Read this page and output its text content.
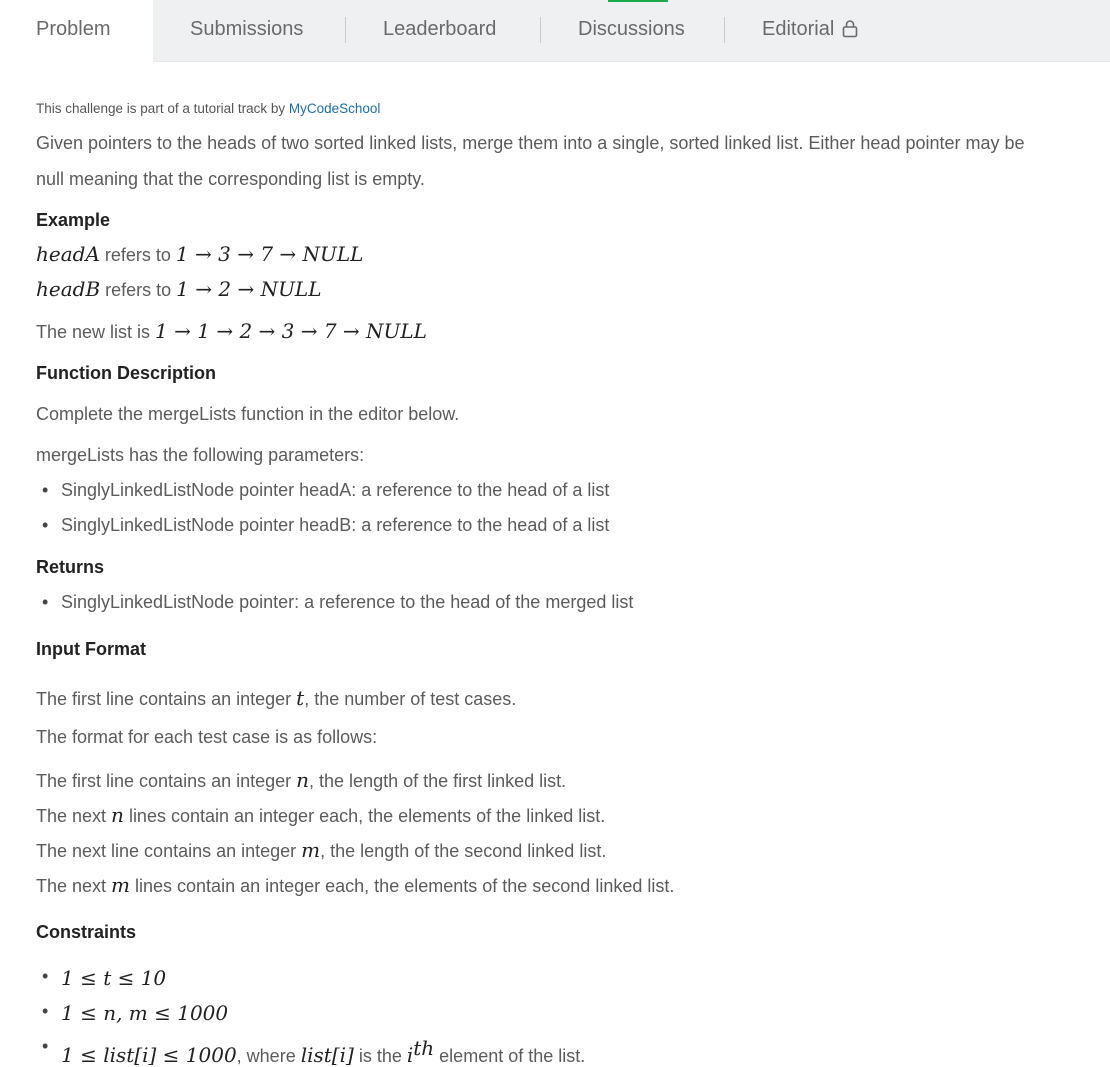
Problem	Submissions	Leaderboard	Discussions	Editorial
This challenge is part of a tutorial track by MyCodeSchool
Given pointers to the heads of two sorted linked lists, merge them into a single, sorted linked list. Either head pointer may be
null meaning that the corresponding list is empty.
Example
headA refers to 1 → 3 → 7 → NULL
headB refers to 1 → 2 → NULL
The new list is 1 → 1 → 2 → 3 → 7 → NULL
Function Description
Complete the mergeLists function in the editor below.
mergeLists has the following parameters:
• SinglyLinkedListNode pointer headA: a reference to the head of a list
• SinglyLinkedListNode pointer headB: a reference to the head of a list
Returns
• SinglyLinkedListNode pointer: a reference to the head of the merged list
Input Format
The first line contains an integer t, the number of test cases.
The format for each test case is as follows:
The first line contains an integer n, the length of the first linked list.
The next n lines contain an integer each, the elements of the linked list.
The next line contains an integer m, the length of the second linked list.
The next m lines contain an integer each, the elements of the second linked list.
Constraints
• 1 ≤ t ≤ 10
• 1 ≤ n, m ≤ 1000
• 1 ≤ list[i] ≤ 1000, where list[i] is the $i^{th}$ element of the list.
